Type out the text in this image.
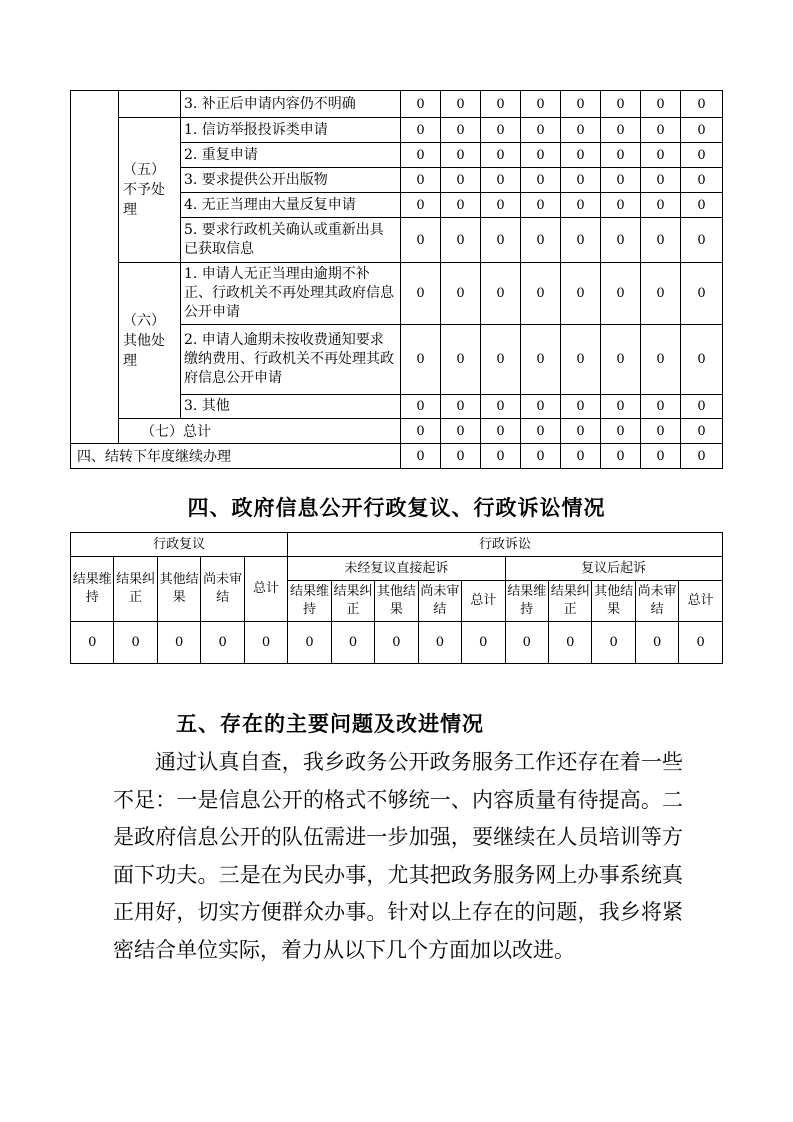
		3. 补正后申请内容仍不明确	0	0	0	0	0	0	0	0
	（五）不予处理	1. 信访举报投诉类申请	0	0	0	0	0	0	0	0
		2. 重复申请	0	0	0	0	0	0	0	0
		3. 要求提供公开出版物	0	0	0	0	0	0	0	0
		4. 无正当理由大量反复申请	0	0	0	0	0	0	0	0
		5. 要求行政机关确认或重新出具已获取信息	0	0	0	0	0	0	0	0
	（六）其他处理	1. 申请人无正当理由逾期不补正、行政机关不再处理其政府信息公开申请	0	0	0	0	0	0	0	0
		2. 申请人逾期未按收费通知要求缴纳费用、行政机关不再处理其政府信息公开申请	0	0	0	0	0	0	0	0
		3. 其他	0	0	0	0	0	0	0	0
	（七）总计		0	0	0	0	0	0	0	0
四、结转下年度继续办理			0	0	0	0	0	0	0	0
四、政府信息公开行政复议、行政诉讼情况
行政复议					行政诉讼									
结果维持	结果纠正	其他结果	尚未审结	总计	未经复议直接起诉					复议后起诉				
					结果维持	结果纠正	其他结果	尚未审结	总计	结果维持	结果纠正	其他结果	尚未审结	总计
0	0	0	0	0	0	0	0	0	0	0	0	0	0	0
五、存在的主要问题及改进情况
通过认真自查，我乡政务公开政务服务工作还存在着一些不足：一是信息公开的格式不够统一、内容质量有待提高。二是政府信息公开的队伍需进一步加强，要继续在人员培训等方面下功夫。三是在为民办事，尤其把政务服务网上办事系统真正用好，切实方便群众办事。针对以上存在的问题，我乡将紧密结合单位实际，着力从以下几个方面加以改进。
